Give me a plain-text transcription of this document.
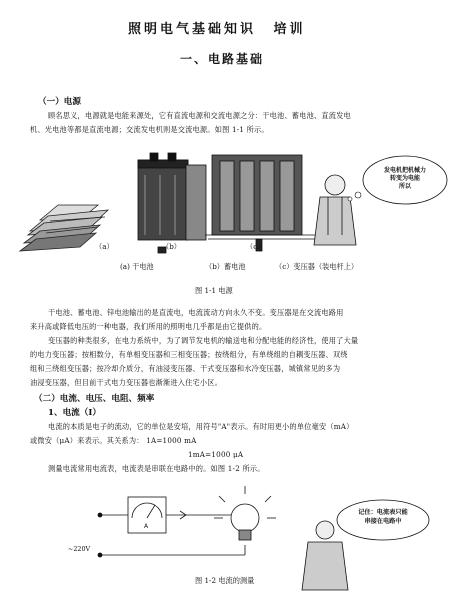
照明电气基础知识 培训
一、电路基础
（一）电源
顾名思义，电源就是电能来源处，它有直流电源和交流电源之分：干电池、蓄电池、直流发电
机、光电池等都是直流电源；交流发电机则是交流电源。如图 1-1 所示。
发电机把机械力
转变为电能
所以
（a）	（b）	（c）
(a) 干电池	（b）蓄电池	（c）变压器（装电杆上）
图 1-1 电源
干电池、蓄电池、锌电池输出的是直流电，电流流动方向永久不变。变压器是在交流电路用
来升高或降低电压的一种电器，我们所用的照明电几乎都是由它提供的。
变压器的种类很多，在电力系统中，为了调节发电机的输送电和分配电能的经济性，使用了大量
的电力变压器；按相数分，有单相变压器和三相变压器；按绕组分，有单绕组的自耦变压器、双绕
组和三绕组变压器；按冷却介质分，有油浸变压器、干式变压器和水冷变压器，城镇常见的多为
油浸变压器，但目前干式电力变压器也渐渐进入住宅小区。
（二）电流、电压、电阻、频率
1、电流（I）
电流的本质是电子的流动，它的单位是安培，用符号"A"表示。有时用更小的单位毫安（mA）
或微安（μA）来表示。其关系为： 1A=1000 mA
1mA=1000 μA
测量电流常用电流表，电流表是串联在电路中的。如图 1-2 所示。
A
~220V
记住：电流表只能
串接在电路中
图 1-2 电流的测量
